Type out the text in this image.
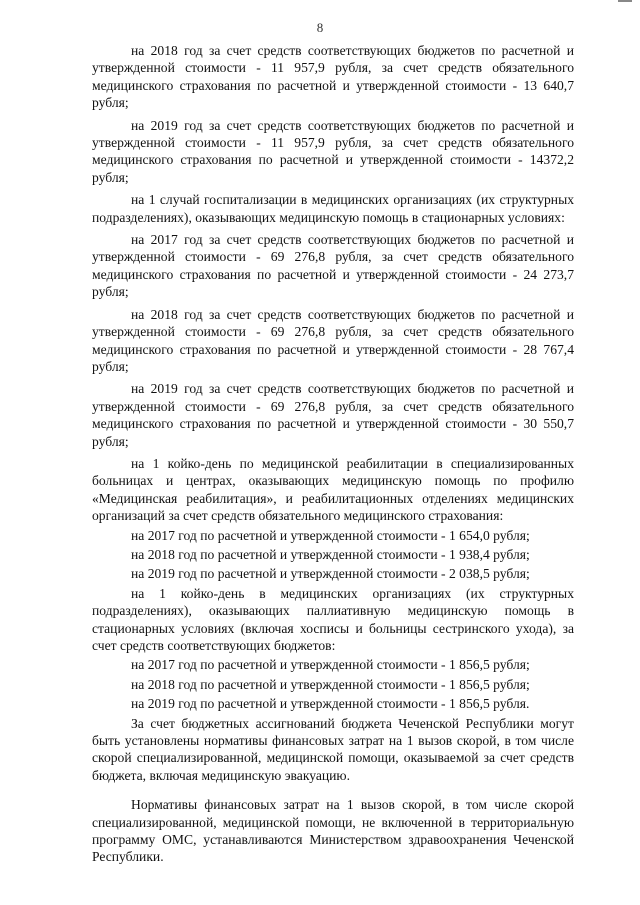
8

на 2018 год за счет средств соответствующих бюджетов по расчетной и утвержденной стоимости - 11 957,9 рубля, за счет средств обязательного медицинского страхования по расчетной и утвержденной стоимости - 13 640,7 рубля;

на 2019 год за счет средств соответствующих бюджетов по расчетной и утвержденной стоимости - 11 957,9 рубля, за счет средств обязательного медицинского страхования по расчетной и утвержденной стоимости - 14372,2 рубля;

на 1 случай госпитализации в медицинских организациях (их структурных подразделениях), оказывающих медицинскую помощь в стационарных условиях:

на 2017 год за счет средств соответствующих бюджетов по расчетной и утвержденной стоимости - 69 276,8 рубля, за счет средств обязательного медицинского страхования по расчетной и утвержденной стоимости - 24 273,7 рубля;

на 2018 год за счет средств соответствующих бюджетов по расчетной и утвержденной стоимости - 69 276,8 рубля, за счет средств обязательного медицинского страхования по расчетной и утвержденной стоимости - 28 767,4 рубля;

на 2019 год за счет средств соответствующих бюджетов по расчетной и утвержденной стоимости - 69 276,8 рубля, за счет средств обязательного медицинского страхования по расчетной и утвержденной стоимости - 30 550,7 рубля;

на 1 койко-день по медицинской реабилитации в специализированных больницах и центрах, оказывающих медицинскую помощь по профилю «Медицинская реабилитация», и реабилитационных отделениях медицинских организаций за счет средств обязательного медицинского страхования:

на 2017 год по расчетной и утвержденной стоимости - 1 654,0 рубля;

на 2018 год по расчетной и утвержденной стоимости - 1 938,4 рубля;

на 2019 год по расчетной и утвержденной стоимости - 2 038,5 рубля;

на 1 койко-день в медицинских организациях (их структурных подразделениях), оказывающих паллиативную медицинскую помощь в стационарных условиях (включая хосписы и больницы сестринского ухода), за счет средств соответствующих бюджетов:

на 2017 год по расчетной и утвержденной стоимости - 1 856,5 рубля;

на 2018 год по расчетной и утвержденной стоимости - 1 856,5 рубля;

на 2019 год по расчетной и утвержденной стоимости - 1 856,5 рубля.

За счет бюджетных ассигнований бюджета Чеченской Республики могут быть установлены нормативы финансовых затрат на 1 вызов скорой, в том числе скорой специализированной, медицинской помощи, оказываемой за счет средств бюджета, включая медицинскую эвакуацию.

Нормативы финансовых затрат на 1 вызов скорой, в том числе скорой специализированной, медицинской помощи, не включенной в территориальную программу ОМС, устанавливаются Министерством здравоохранения Чеченской Республики.
